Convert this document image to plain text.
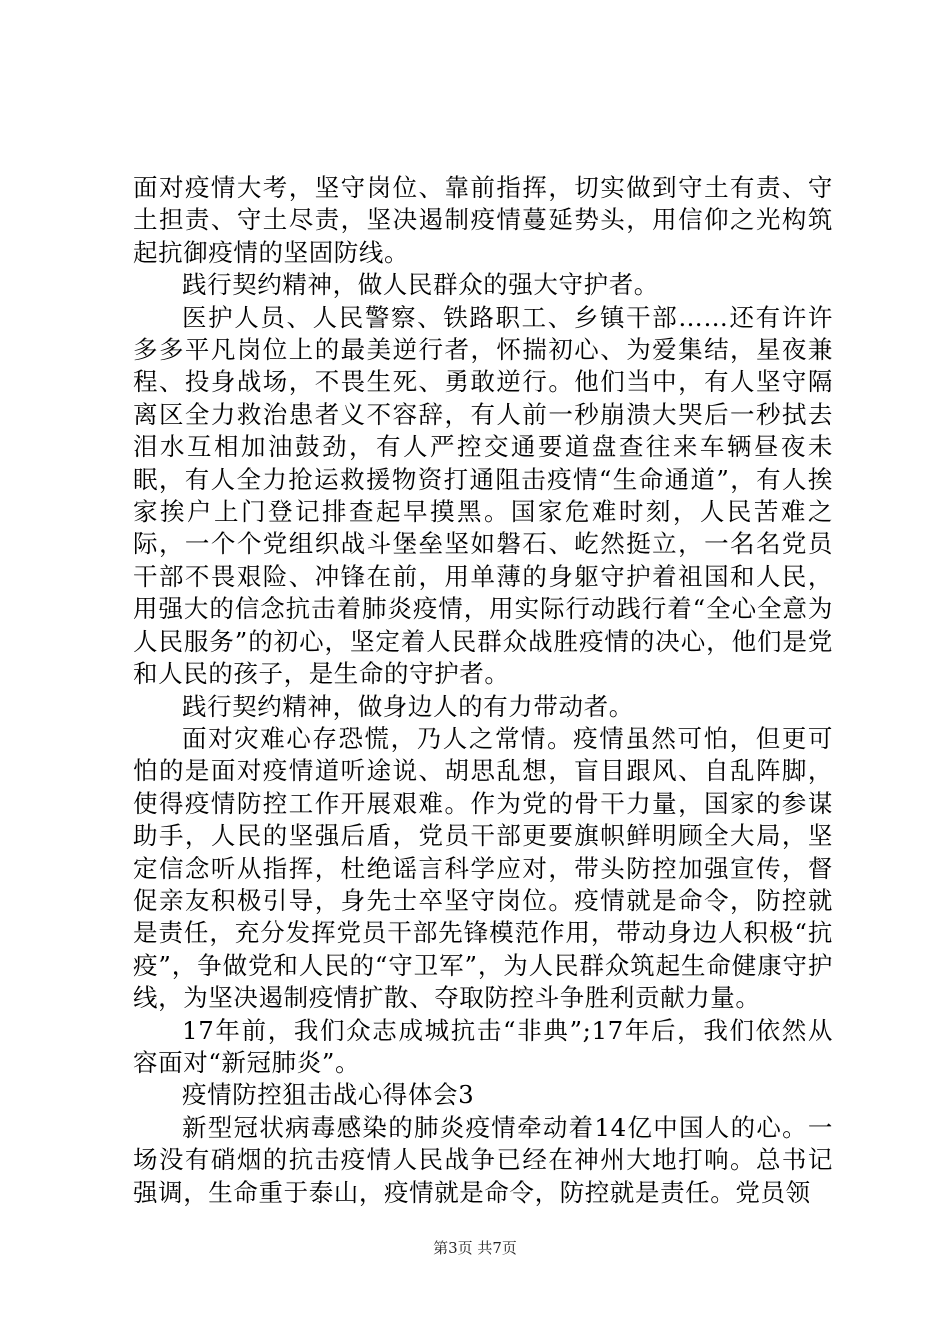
面对疫情大考，坚守岗位、靠前指挥，切实做到守土有责、守土担责、守土尽责，坚决遏制疫情蔓延势头，用信仰之光构筑起抗御疫情的坚固防线。

践行契约精神，做人民群众的强大守护者。

医护人员、人民警察、铁路职工、乡镇干部……还有许许多多平凡岗位上的最美逆行者，怀揣初心、为爱集结，星夜兼程、投身战场，不畏生死、勇敢逆行。他们当中，有人坚守隔离区全力救治患者义不容辞，有人前一秒崩溃大哭后一秒拭去泪水互相加油鼓劲，有人严控交通要道盘查往来车辆昼夜未眠，有人全力抢运救援物资打通阻击疫情“生命通道”，有人挨家挨户上门登记排查起早摸黑。国家危难时刻，人民苦难之际，一个个党组织战斗堡垒坚如磐石、屹然挺立，一名名党员干部不畏艰险、冲锋在前，用单薄的身躯守护着祖国和人民，用强大的信念抗击着肺炎疫情，用实际行动践行着“全心全意为人民服务”的初心，坚定着人民群众战胜疫情的决心，他们是党和人民的孩子，是生命的守护者。

践行契约精神，做身边人的有力带动者。

面对灾难心存恐慌，乃人之常情。疫情虽然可怕，但更可怕的是面对疫情道听途说、胡思乱想，盲目跟风、自乱阵脚，使得疫情防控工作开展艰难。作为党的骨干力量，国家的参谋助手，人民的坚强后盾，党员干部更要旗帜鲜明顾全大局，坚定信念听从指挥，杜绝谣言科学应对，带头防控加强宣传，督促亲友积极引导，身先士卒坚守岗位。疫情就是命令，防控就是责任，充分发挥党员干部先锋模范作用，带动身边人积极“抗疫”，争做党和人民的“守卫军”，为人民群众筑起生命健康守护线，为坚决遏制疫情扩散、夺取防控斗争胜利贡献力量。

17年前，我们众志成城抗击“非典”;17年后，我们依然从容面对“新冠肺炎”。

疫情防控狙击战心得体会3

新型冠状病毒感染的肺炎疫情牵动着14亿中国人的心。一场没有硝烟的抗击疫情人民战争已经在神州大地打响。总书记强调，生命重于泰山，疫情就是命令，防控就是责任。党员领

第3页 共7页
